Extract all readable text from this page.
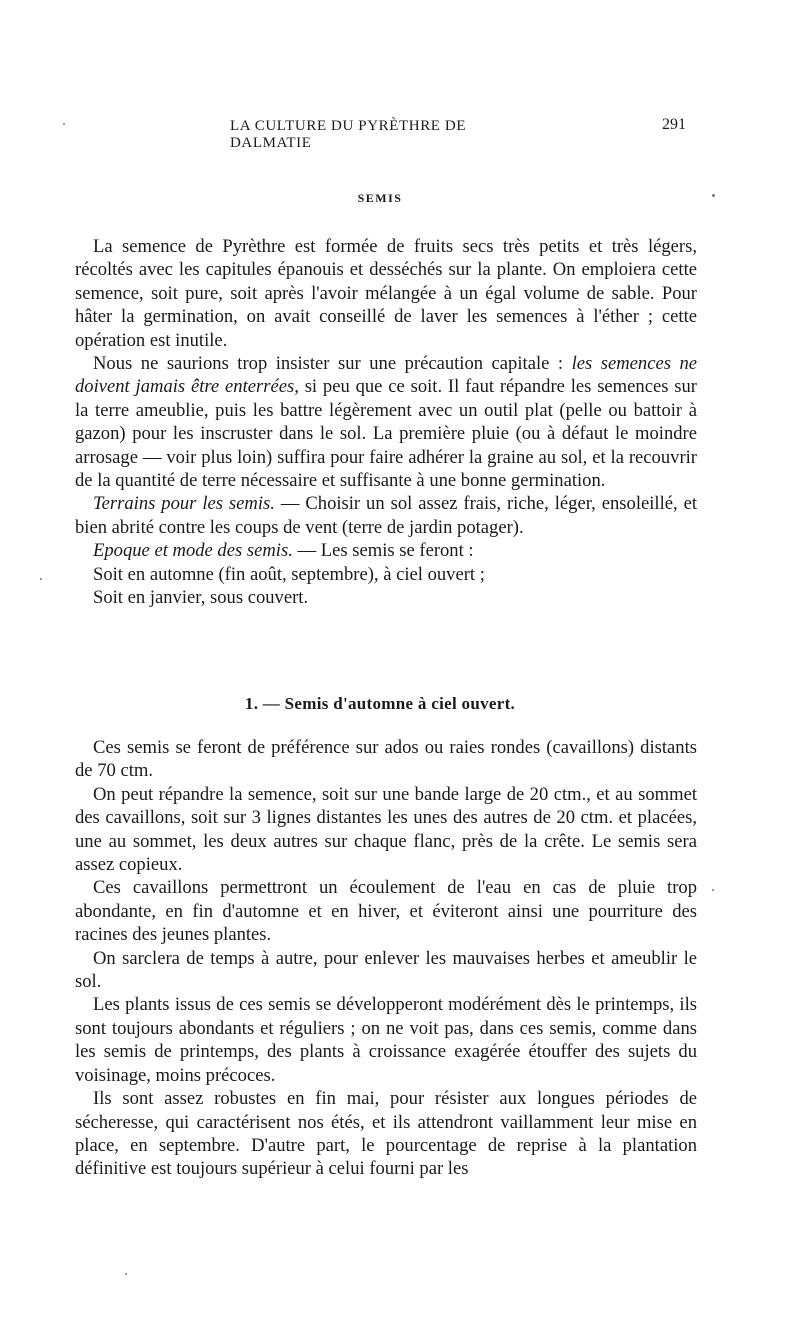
LA CULTURE DU PYRÈTHRE DE DALMATIE
291
SEMIS

La semence de Pyrèthre est formée de fruits secs très petits et très légers, récoltés avec les capitules épanouis et desséchés sur la plante. On emploiera cette semence, soit pure, soit après l'avoir mélangée à un égal volume de sable. Pour hâter la germination, on avait conseillé de laver les semences à l'éther ; cette opération est inutile.

Nous ne saurions trop insister sur une précaution capitale : les semences ne doivent jamais être enterrées, si peu que ce soit. Il faut répandre les semences sur la terre ameublie, puis les battre légèrement avec un outil plat (pelle ou battoir à gazon) pour les inscruster dans le sol. La première pluie (ou à défaut le moindre arrosage — voir plus loin) suffira pour faire adhérer la graine au sol, et la recouvrir de la quantité de terre nécessaire et suffisante à une bonne germination.

Terrains pour les semis. — Choisir un sol assez frais, riche, léger, ensoleillé, et bien abrité contre les coups de vent (terre de jardin potager).

Epoque et mode des semis. — Les semis se feront :

Soit en automne (fin août, septembre), à ciel ouvert ;

Soit en janvier, sous couvert.

1. — Semis d'automne à ciel ouvert.

Ces semis se feront de préférence sur ados ou raies rondes (cavaillons) distants de 70 ctm.

On peut répandre la semence, soit sur une bande large de 20 ctm., et au sommet des cavaillons, soit sur 3 lignes distantes les unes des autres de 20 ctm. et placées, une au sommet, les deux autres sur chaque flanc, près de la crête. Le semis sera assez copieux.

Ces cavaillons permettront un écoulement de l'eau en cas de pluie trop abondante, en fin d'automne et en hiver, et éviteront ainsi une pourriture des racines des jeunes plantes.

On sarclera de temps à autre, pour enlever les mauvaises herbes et ameublir le sol.

Les plants issus de ces semis se développeront modérément dès le printemps, ils sont toujours abondants et réguliers ; on ne voit pas, dans ces semis, comme dans les semis de printemps, des plants à croissance exagérée étouffer des sujets du voisinage, moins précoces.

Ils sont assez robustes en fin mai, pour résister aux longues périodes de sécheresse, qui caractérisent nos étés, et ils attendront vaillamment leur mise en place, en septembre. D'autre part, le pourcentage de reprise à la plantation définitive est toujours supérieur à celui fourni par les
